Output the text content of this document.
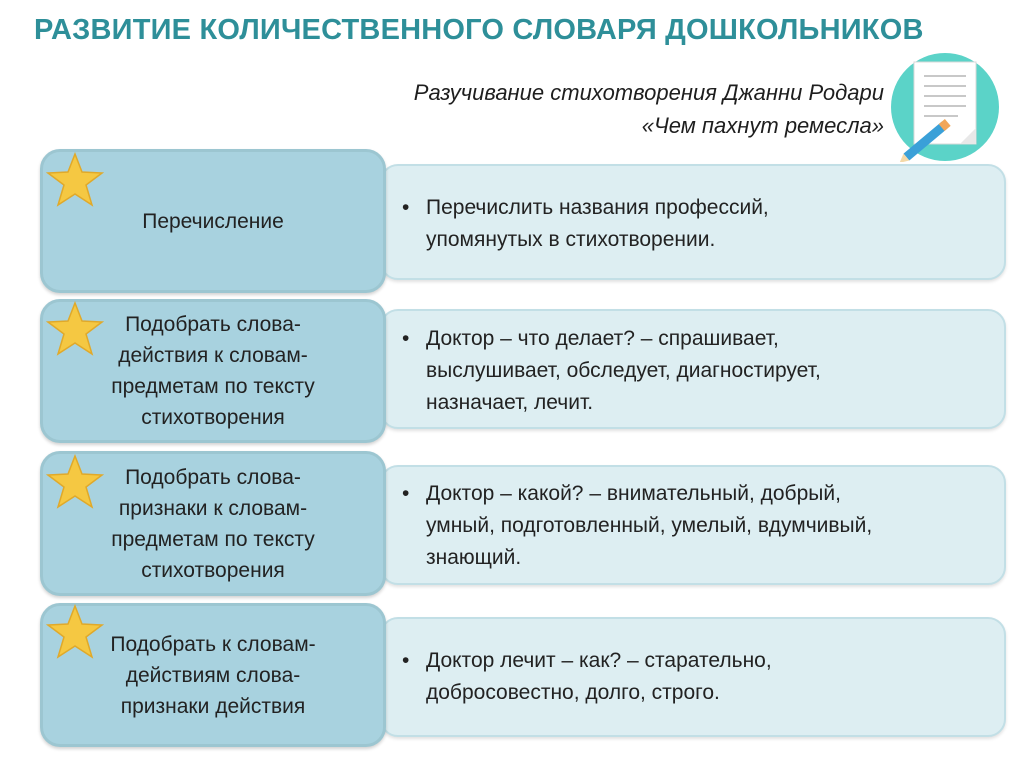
РАЗВИТИЕ КОЛИЧЕСТВЕННОГО СЛОВАРЯ ДОШКОЛЬНИКОВ
Разучивание стихотворения Джанни Родари
«Чем пахнут ремесла»
• Перечислить названия профессий,
упомянутых в стихотворении.
Перечисление
• Доктор – что делает? – спрашивает,
выслушивает, обследует, диагностирует,
назначает, лечит.
Подобрать слова-
действия к словам-
предметам по тексту
стихотворения
• Доктор – какой? – внимательный, добрый,
умный, подготовленный, умелый, вдумчивый,
знающий.
Подобрать слова-
признаки к словам-
предметам по тексту
стихотворения
• Доктор лечит – как? – старательно,
добросовестно, долго, строго.
Подобрать к словам-
действиям слова-
признаки действия
